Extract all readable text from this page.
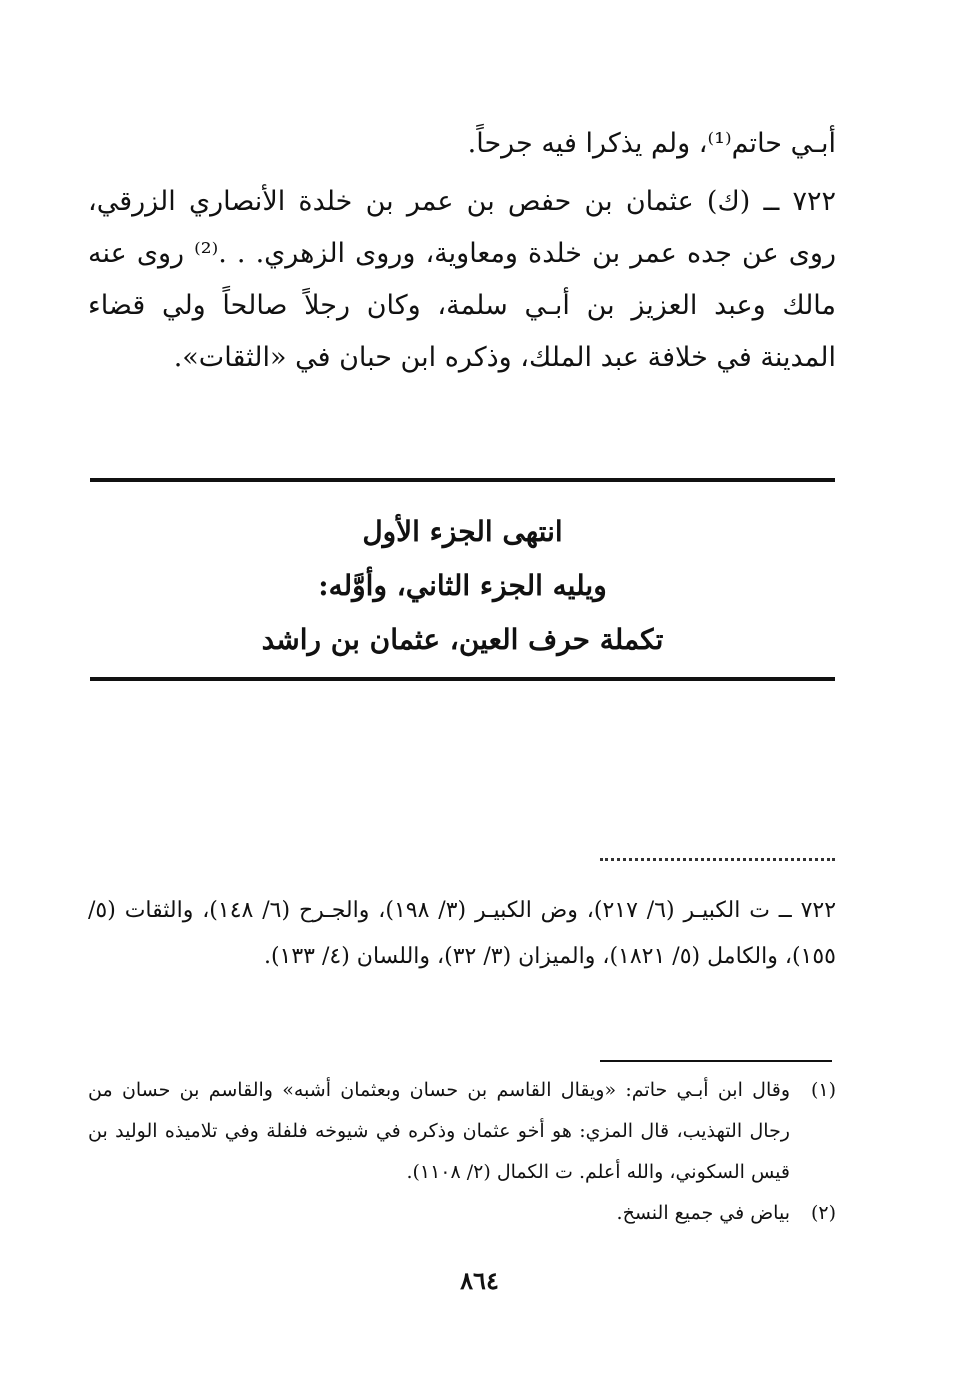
أبـي حاتم⁽¹⁾، ولم يذكرا فيه جرحاً.

٧٢٢ ــ (ك) عثمان بن حفص بن عمر بن خلدة الأنصاري الزرقي، روى عن جده عمر بن خلدة ومعاوية، وروى الزهري. . .⁽²⁾ روى عنه مالك وعبد العزيز بن أبـي سلمة، وكان رجلاً صالحاً ولي قضاء المدينة في خلافة عبد الملك، وذكره ابن حبان في «الثقات».

انتهى الجزء الأول
ويليه الجزء الثاني، وأوَّله:
تكملة حرف العين، عثمان بن راشد

٧٢٢ ــ ت الكبيـر (٦/ ٢١٧)، وض الكبيـر (٣/ ١٩٨)، والجـرح (٦/ ١٤٨)، والثقات (٥/ ١٥٥)، والكامل (٥/ ١٨٢١)، والميزان (٣/ ٣٢)، واللسان (٤/ ١٣٣).

(١)
وقال ابن أبـي حاتم: «ويقال القاسم بن حسان وبعثمان أشبه» والقاسم بن حسان من رجال التهذيب، قال المزي: هو أخو عثمان وذكره في شيوخه فلفلة وفي تلاميذه الوليد بن قيس السكوني، والله أعلم. ت الكمال (٢/ ١١٠٨).
(٢)
بياض في جميع النسخ.
٨٦٤
